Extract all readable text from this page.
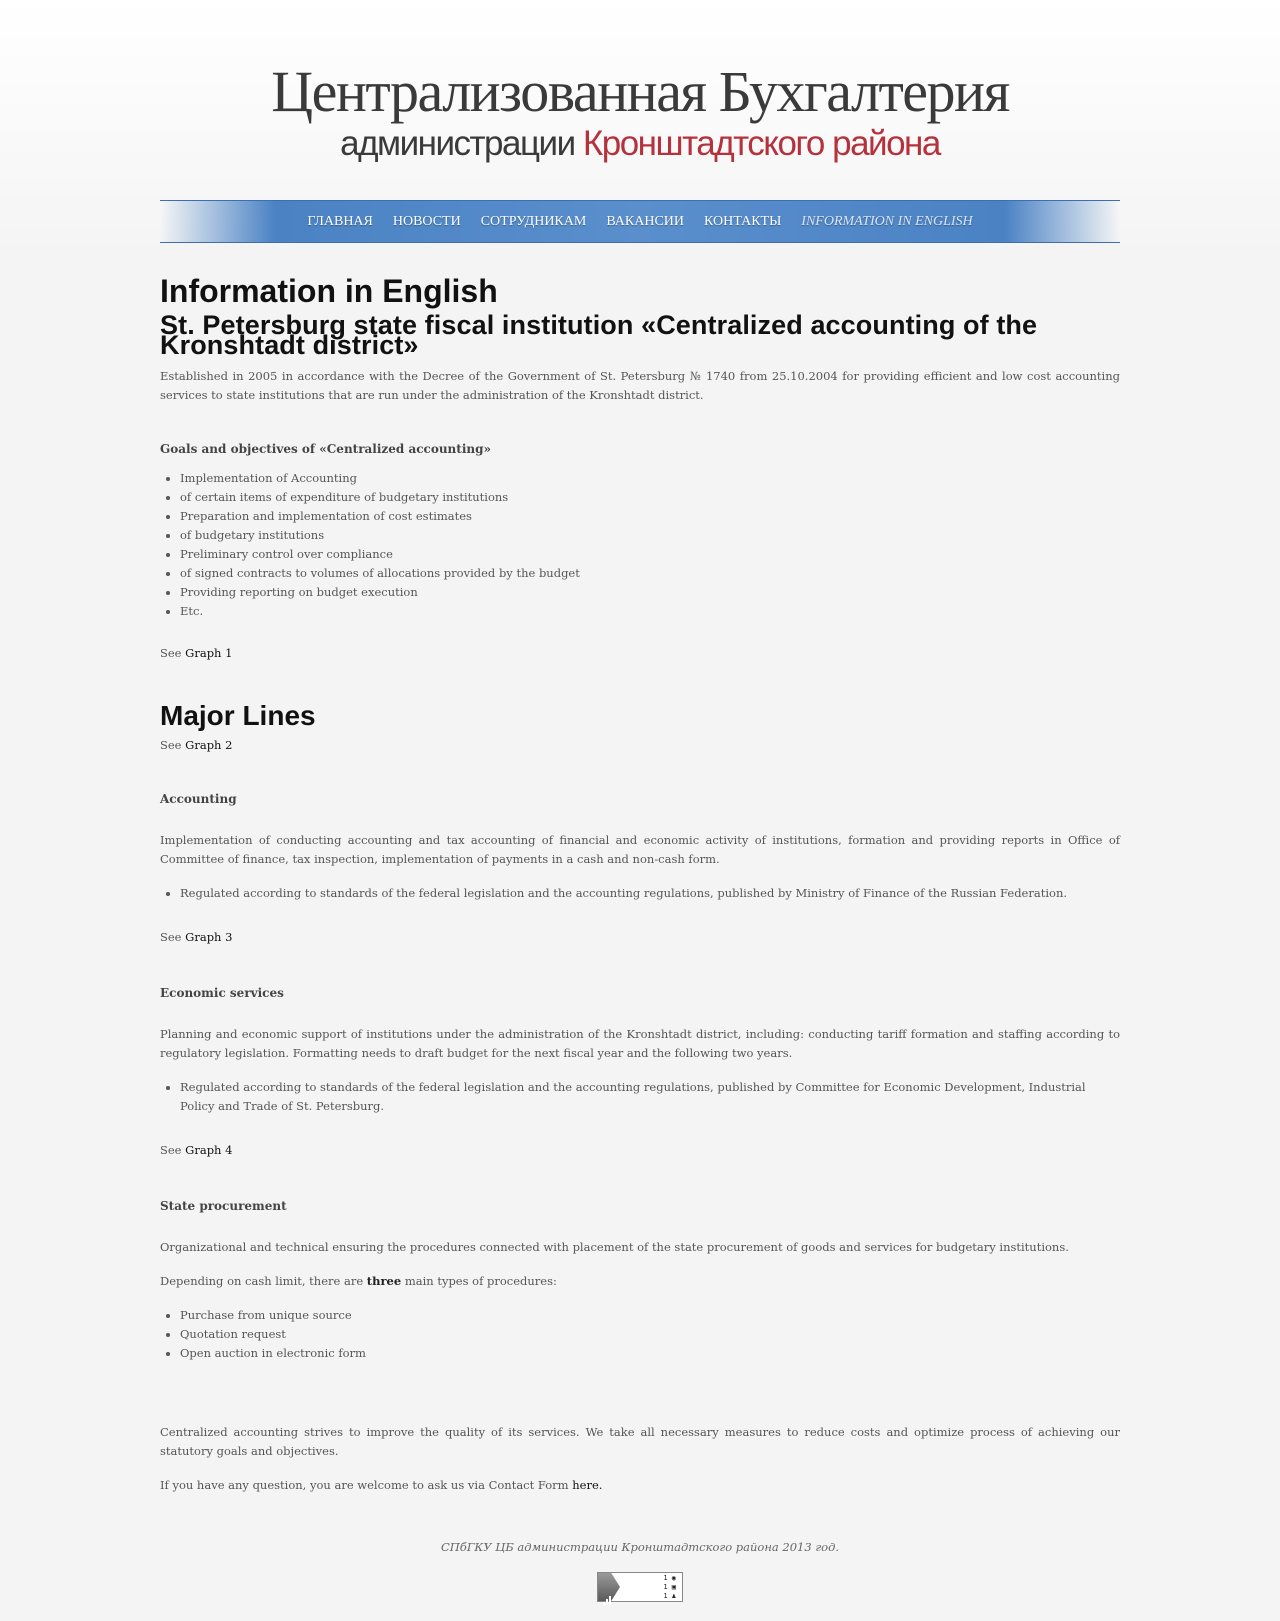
Централизованная Бухгалтерия
администрации Кронштадтского района
ГЛАВНАЯ НОВОСТИ СОТРУДНИКАМ ВАКАНСИИ КОНТАКТЫ INFORMATION IN ENGLISH
Information in English
St. Petersburg state fiscal institution «Centralized accounting of the Kronshtadt district»

Established in 2005 in accordance with the Decree of the Government of St. Petersburg № 1740 from 25.10.2004 for providing efficient and low cost accounting services to state institutions that are run under the administration of the Kronshtadt district.

Goals and objectives of «Centralized accounting»
• Implementation of Accounting
• of certain items of expenditure of budgetary institutions
• Preparation and implementation of cost estimates
• of budgetary institutions
• Preliminary control over compliance
• of signed contracts to volumes of allocations provided by the budget
• Providing reporting on budget execution
• Etc.

See Graph 1

Major Lines

See Graph 2

Accounting

Implementation of conducting accounting and tax accounting of financial and economic activity of institutions, formation and providing reports in Office of Committee of finance, tax inspection, implementation of payments in a cash and non-cash form.

• Regulated according to standards of the federal legislation and the accounting regulations, published by Ministry of Finance of the Russian Federation.

See Graph 3

Economic services

Planning and economic support of institutions under the administration of the Kronshtadt district, including: conducting tariff formation and staffing according to regulatory legislation. Formatting needs to draft budget for the next fiscal year and the following two years.

• Regulated according to standards of the federal legislation and the accounting regulations, published by Committee for Economic Development, Industrial Policy and Trade of St. Petersburg.

See Graph 4

State procurement

Organizational and technical ensuring the procedures connected with placement of the state procurement of goods and services for budgetary institutions.

Depending on cash limit, there are three main types of procedures:

• Purchase from unique source
• Quotation request
• Open auction in electronic form

Centralized accounting strives to improve the quality of its services. We take all necessary measures to reduce costs and optimize process of achieving our statutory goals and objectives.

If you have any question, you are welcome to ask us via Contact Form here.

СПбГКУ ЦБ администрации Кронштадтского района 2013 год.
1 ◉
1 ▣
1 ♟
